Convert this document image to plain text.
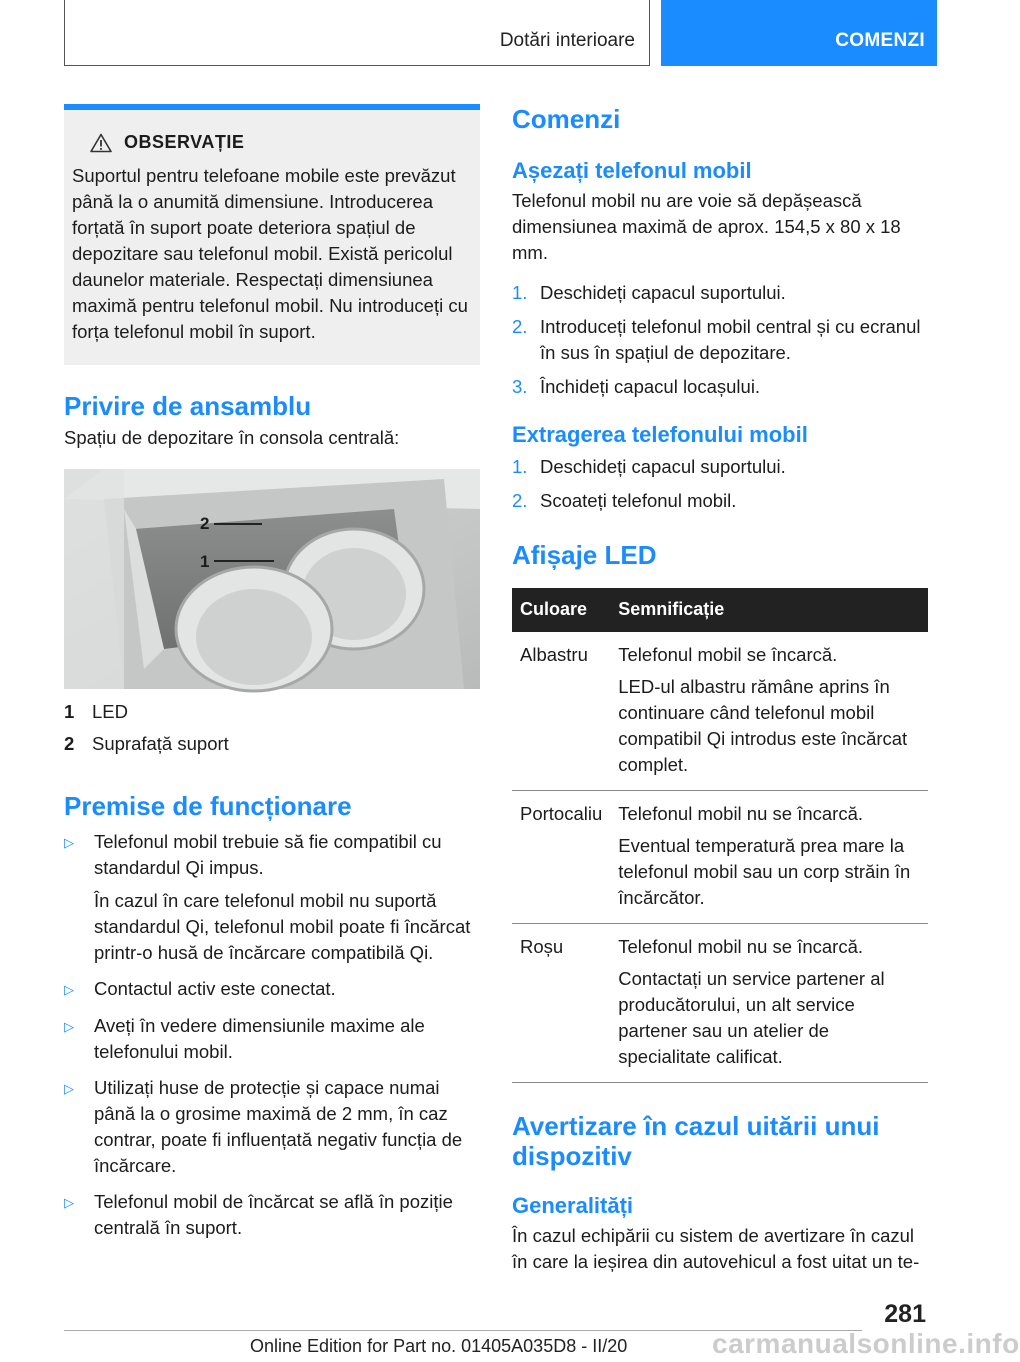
Dotări interioare	COMENZI
OBSERVAȚIE

Suportul pentru telefoane mobile este prevăzut până la o anumită dimensiune. Introducerea forțată în suport poate deteriora spațiul de depozitare sau telefonul mobil. Există pericolul daunelor materiale. Respectați dimensiunea maximă pentru telefonul mobil. Nu introduceți cu forța telefonul mobil în suport.

Privire de ansamblu

Spațiu de depozitare în consola centrală:

2
1
1 LED
2 Suprafață suport
Premise de funcționare
▷	Telefonul mobil trebuie să fie compatibil cu standardul Qi impus.

În cazul în care telefonul mobil nu suportă standardul Qi, telefonul mobil poate fi încărcat printr-o husă de încărcare compatibilă Qi.

▷	Contactul activ este conectat.

▷	Aveți în vedere dimensiunile maxime ale telefonului mobil.

▷	Utilizați huse de protecție și capace numai până la o grosime maximă de 2 mm, în caz contrar, poate fi influențată negativ funcția de încărcare.

▷	Telefonul mobil de încărcat se află în poziție centrală în suport.

Comenzi
Așezați telefonul mobil

Telefonul mobil nu are voie să depășească dimensiunea maximă de aprox. 154,5 x 80 x 18 mm.

1. Deschideți capacul suportului.
2. Introduceți telefonul mobil central și cu ecranul în sus în spațiul de depozitare.
3. Închideți capacul locașului.
Extragerea telefonului mobil
1. Deschideți capacul suportului.
2. Scoateți telefonul mobil.
Afișaje LED
Culoare	Semnificație
Albastru	Telefonul mobil se încarcă.

LED-ul albastru rămâne aprins în continuare când telefonul mobil compatibil Qi introdus este încărcat complet.

Portocaliu	Telefonul mobil nu se încarcă.

Eventual temperatură prea mare la telefonul mobil sau un corp străin în încărcător.

Roșu	Telefonul mobil nu se încarcă.

Contactați un service partener al producătorului, un alt service partener sau un atelier de specialitate calificat.

Avertizare în cazul uitării unui dispozitiv
Generalități

În cazul echipării cu sistem de avertizare în cazul în care la ieșirea din autovehicul a fost uitat un te-

281
Online Edition for Part no. 01405A035D8 - II/20	carmanualsonline.info
